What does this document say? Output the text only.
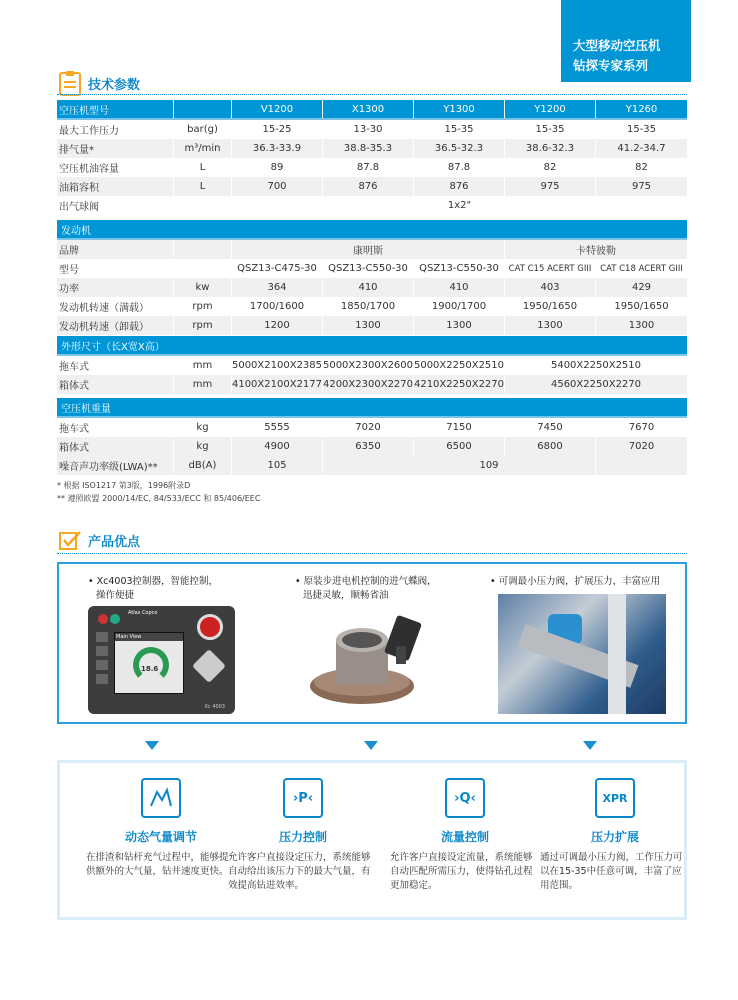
大型移动空压机
钻探专家系列
技术参数
空压机型号	V1200	X1300	Y1300	Y1200	Y1260
最大工作压力	bar(g)	15-25	13-30	15-35	15-35	15-35
排气量*	m³/min	36.3-33.9	38.8-35.3	36.5-32.3	38.6-32.3	41.2-34.7
空压机油容量	L	89	87.8	87.8	82	82
油箱容积	L	700	876	876	975	975
出气球阀	1x2"
发动机
品牌	康明斯	卡特彼勒
型号	QSZ13-C475-30	QSZ13-C550-30	QSZ13-C550-30	CAT C15 ACERT GIII	CAT C18 ACERT GIII
功率	kw	364	410	410	403	429
发动机转速（满载）	rpm	1700/1600	1850/1700	1900/1700	1950/1650	1950/1650
发动机转速（卸载）	rpm	1200	1300	1300	1300	1300
外形尺寸（长X宽X高）
拖车式	mm	5000X2100X2385 5000X2300X2600 5000X2250X2510	5400X2250X2510
箱体式	mm	4100X2100X2177 4200X2300X2270 4210X2250X2270	4560X2250X2270
空压机重量
拖车式	kg	5555	7020	7150	7450	7670
箱体式	kg	4900	6350	6500	6800	7020
噪音声功率级(LWA)**	dB(A)	105	109
* 根据 ISO1217 第3版，1996附录D
** 遵照欧盟 2000/14/EC, 84/533/ECC 和 85/406/EEC
产品优点
• Xc4003控制器，智能控制，
操作便捷
• 原装步进电机控制的进气蝶阀，
迅捷灵敏，顺畅省油
• 可调最小压力阀，扩展压力，丰富应用
Main View
18.6
Atlas Copco
Xc 4003
动态气量调节
在排渣和钻杆充气过程中，能够提供额外的大气量，钻井速度更快。
› P ‹
压力控制
允许客户直接设定压力，系统能够自动给出该压力下的最大气量，有效提高钻进效率。
› Q ‹
流量控制
允许客户直接设定流量，系统能够自动匹配所需压力，使得钻孔过程更加稳定。
XPR
压力扩展
通过可调最小压力阀，工作压力可以在15-35中任意可调，丰富了应用范围。
